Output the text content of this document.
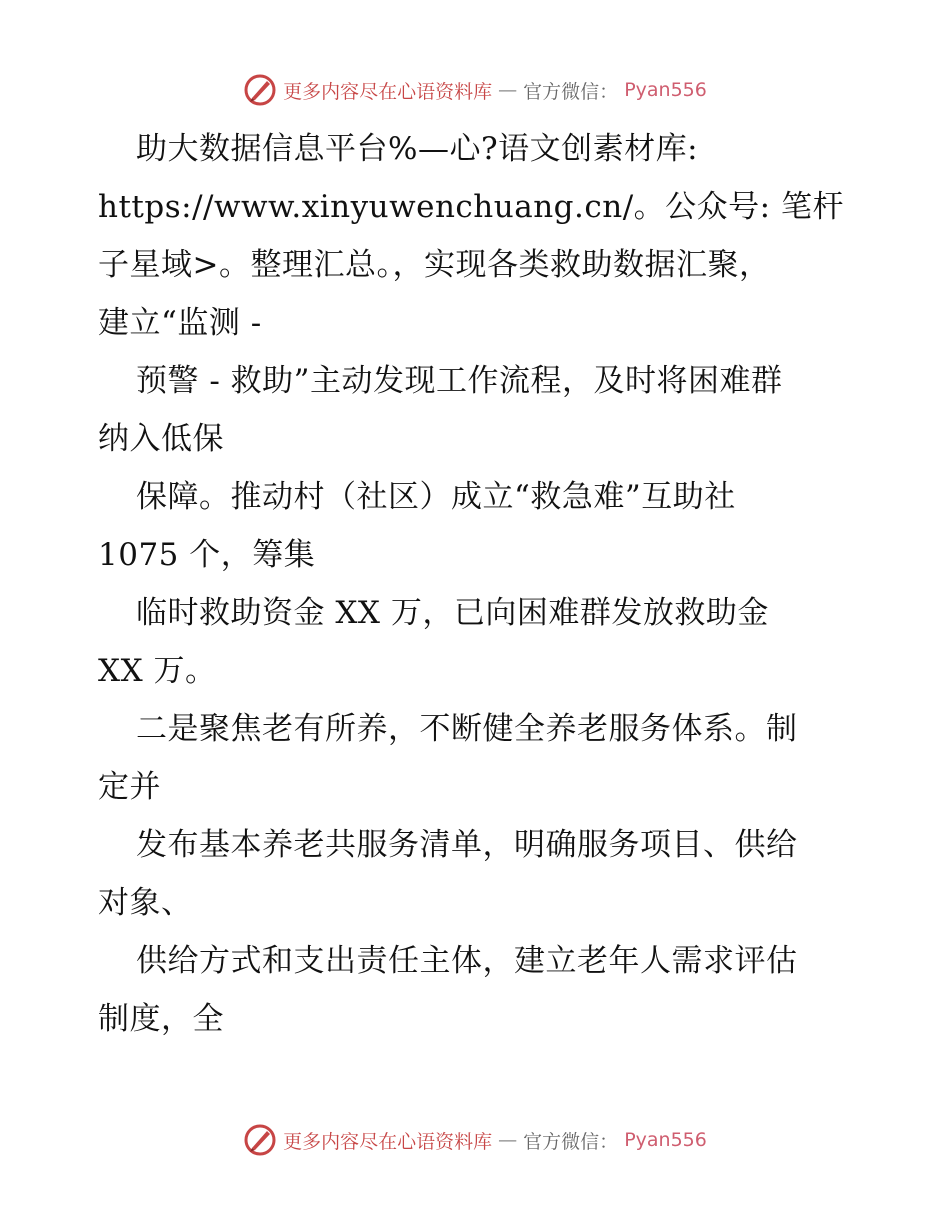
更多内容尽在心语资料库 — 官方微信： Pyan556
助大数据信息平台%—心?语文创素材库:
https://www.xinyuwenchuang.cn/。公众号: 笔杆
子星域>。整理汇总。，实现各类救助数据汇聚，
建立“监测 -
预警 - 救助”主动发现工作流程，及时将困难群
纳入低保
保障。推动村（社区）成立“救急难”互助社
1075 个，筹集
临时救助资金 XX 万，已向困难群发放救助金
XX 万。
二是聚焦老有所养，不断健全养老服务体系。制
定并
发布基本养老共服务清单，明确服务项目、供给
对象、
供给方式和支出责任主体，建立老年人需求评估
制度，全
更多内容尽在心语资料库 — 官方微信： Pyan556
